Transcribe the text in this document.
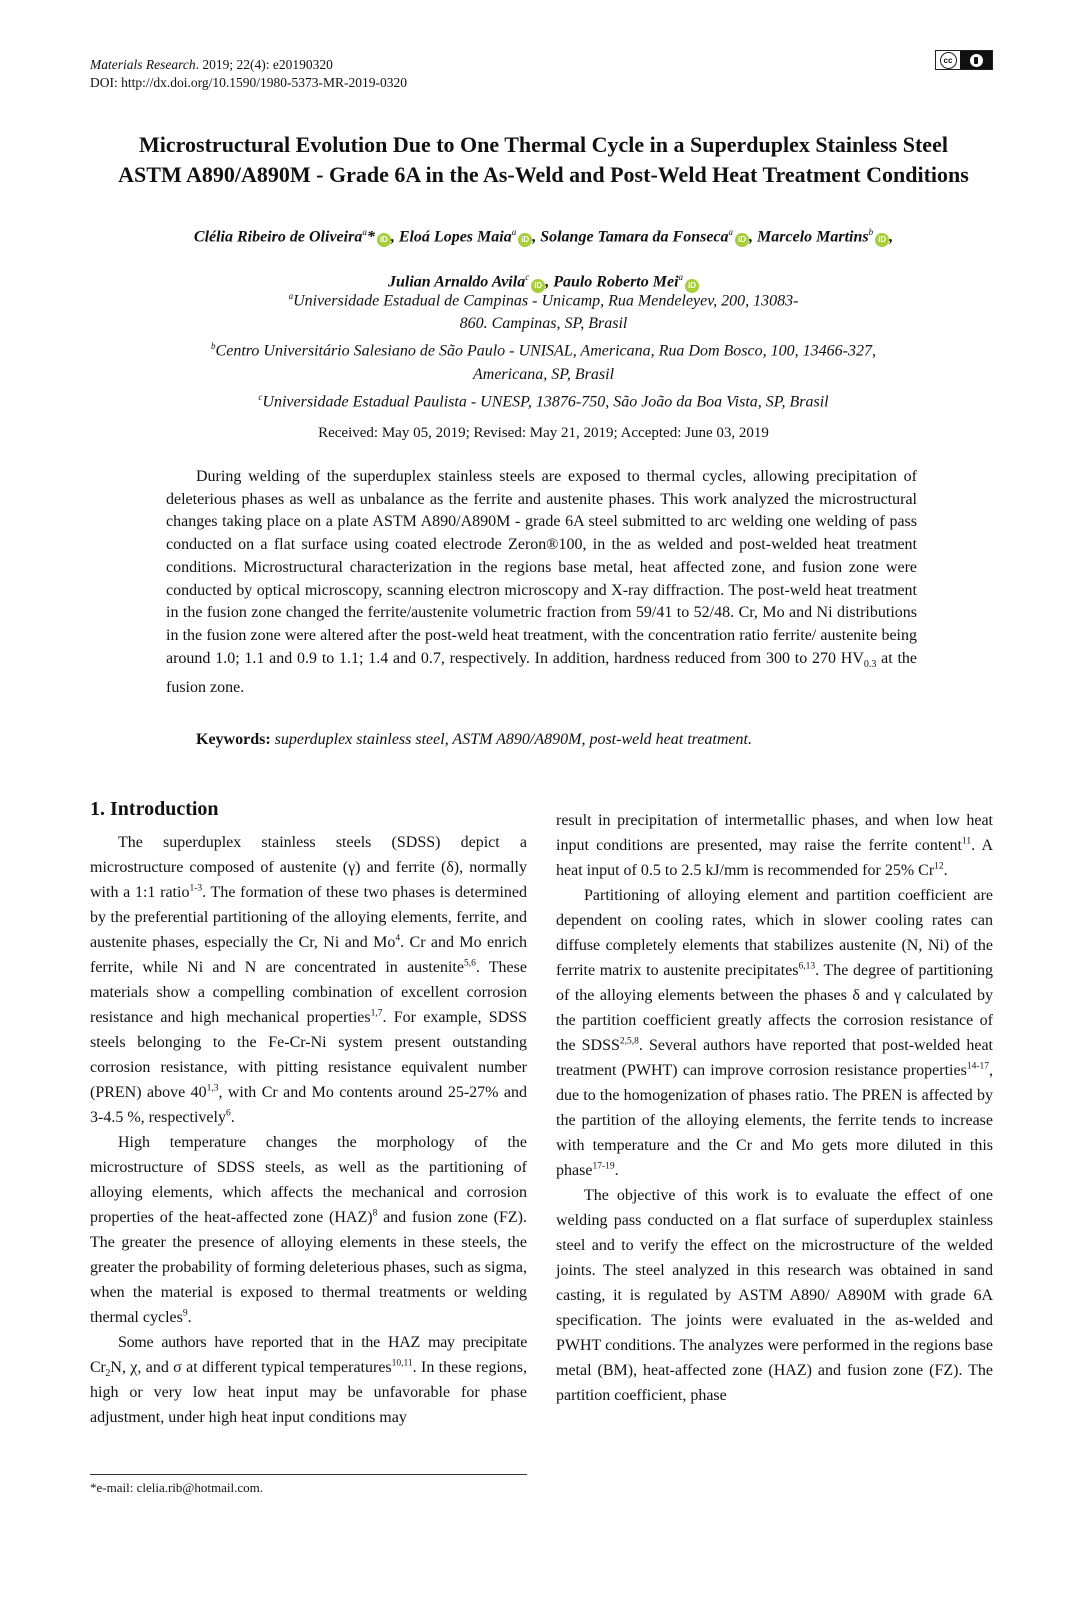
Materials Research. 2019; 22(4): e20190320
DOI: http://dx.doi.org/10.1590/1980-5373-MR-2019-0320
cc
Microstructural Evolution Due to One Thermal Cycle in a Superduplex Stainless Steel
ASTM A890/A890M - Grade 6A in the As-Weld and Post-Weld Heat Treatment Conditions
Clélia Ribeiro de Oliveira$^a$* iD , Eloá Lopes Maia$^a$iD , Solange Tamara da Fonseca$^a$iD , Marcelo Martins$^b$iD ,
Julian Arnaldo Avila$^c$iD , Paulo Roberto Mei$^a$iD
$^a$Universidade Estadual de Campinas - Unicamp, Rua Mendeleyev, 200, 13083-
860. Campinas, SP, Brasil
$^b$Centro Universitário Salesiano de São Paulo - UNISAL, Americana, Rua Dom Bosco, 100, 13466-327,
Americana, SP, Brasil
$^c$Universidade Estadual Paulista - UNESP, 13876-750, São João da Boa Vista, SP, Brasil
Received: May 05, 2019; Revised: May 21, 2019; Accepted: June 03, 2019
During welding of the superduplex stainless steels are exposed to thermal cycles, allowing precipitation of deleterious phases as well as unbalance as the ferrite and austenite phases. This work analyzed the microstructural changes taking place on a plate ASTM A890/A890M - grade 6A steel submitted to arc welding one welding of pass conducted on a flat surface using coated electrode Zeron®100, in the as welded and post-welded heat treatment conditions. Microstructural characterization in the regions base metal, heat affected zone, and fusion zone were conducted by optical microscopy, scanning electron microscopy and X-ray diffraction. The post-weld heat treatment in the fusion zone changed the ferrite/austenite volumetric fraction from 59/41 to 52/48. Cr, Mo and Ni distributions in the fusion zone were altered after the post-weld heat treatment, with the concentration ratio ferrite/ austenite being around 1.0; 1.1 and 0.9 to 1.1; 1.4 and 0.7, respectively. In addition, hardness reduced from 300 to 270 $HV_{0.3}$ at the fusion zone.
Keywords: superduplex stainless steel, ASTM A890/A890M, post-weld heat treatment.
1. Introduction

The superduplex stainless steels (SDSS) depict a microstructure composed of austenite (γ) and ferrite (δ), normally with a 1:1 ratio$^{1-3}$. The formation of these two phases is determined by the preferential partitioning of the alloying elements, ferrite, and austenite phases, especially the Cr, Ni and Mo$^4$. Cr and Mo enrich ferrite, while Ni and N are concentrated in austenite$^{5,6}$. These materials show a compelling combination of excellent corrosion resistance and high mechanical properties$^{1,7}$. For example, SDSS steels belonging to the Fe-Cr-Ni system present outstanding corrosion resistance, with pitting resistance equivalent number (PREN) above 40$^{1,3}$, with Cr and Mo contents around 25-27% and 3-4.5 %, respectively$^6$.

High temperature changes the morphology of the microstructure of SDSS steels, as well as the partitioning of alloying elements, which affects the mechanical and corrosion properties of the heat-affected zone (HAZ)$^8$ and fusion zone (FZ). The greater the presence of alloying elements in these steels, the greater the probability of forming deleterious phases, such as sigma, when the material is exposed to thermal treatments or welding thermal cycles$^9$.

Some authors have reported that in the HAZ may precipitate $Cr_2N$, χ, and σ at different typical temperatures$^{10,11}$. In these regions, high or very low heat input may be unfavorable for phase adjustment, under high heat input conditions may

result in precipitation of intermetallic phases, and when low heat input conditions are presented, may raise the ferrite content$^{11}$. A heat input of 0.5 to 2.5 kJ/mm is recommended for 25% Cr$^{12}$.

Partitioning of alloying element and partition coefficient are dependent on cooling rates, which in slower cooling rates can diffuse completely elements that stabilizes austenite (N, Ni) of the ferrite matrix to austenite precipitates$^{6,13}$. The degree of partitioning of the alloying elements between the phases δ and γ calculated by the partition coefficient greatly affects the corrosion resistance of the SDSS$^{2,5,8}$. Several authors have reported that post-welded heat treatment (PWHT) can improve corrosion resistance properties$^{14-17}$, due to the homogenization of phases ratio. The PREN is affected by the partition of the alloying elements, the ferrite tends to increase with temperature and the Cr and Mo gets more diluted in this phase$^{17-19}$.

The objective of this work is to evaluate the effect of one welding pass conducted on a flat surface of superduplex stainless steel and to verify the effect on the microstructure of the welded joints. The steel analyzed in this research was obtained in sand casting, it is regulated by ASTM A890/ A890M with grade 6A specification. The joints were evaluated in the as-welded and PWHT conditions. The analyzes were performed in the regions base metal (BM), heat-affected zone (HAZ) and fusion zone (FZ). The partition coefficient, phase

*e-mail: clelia.rib@hotmail.com.
